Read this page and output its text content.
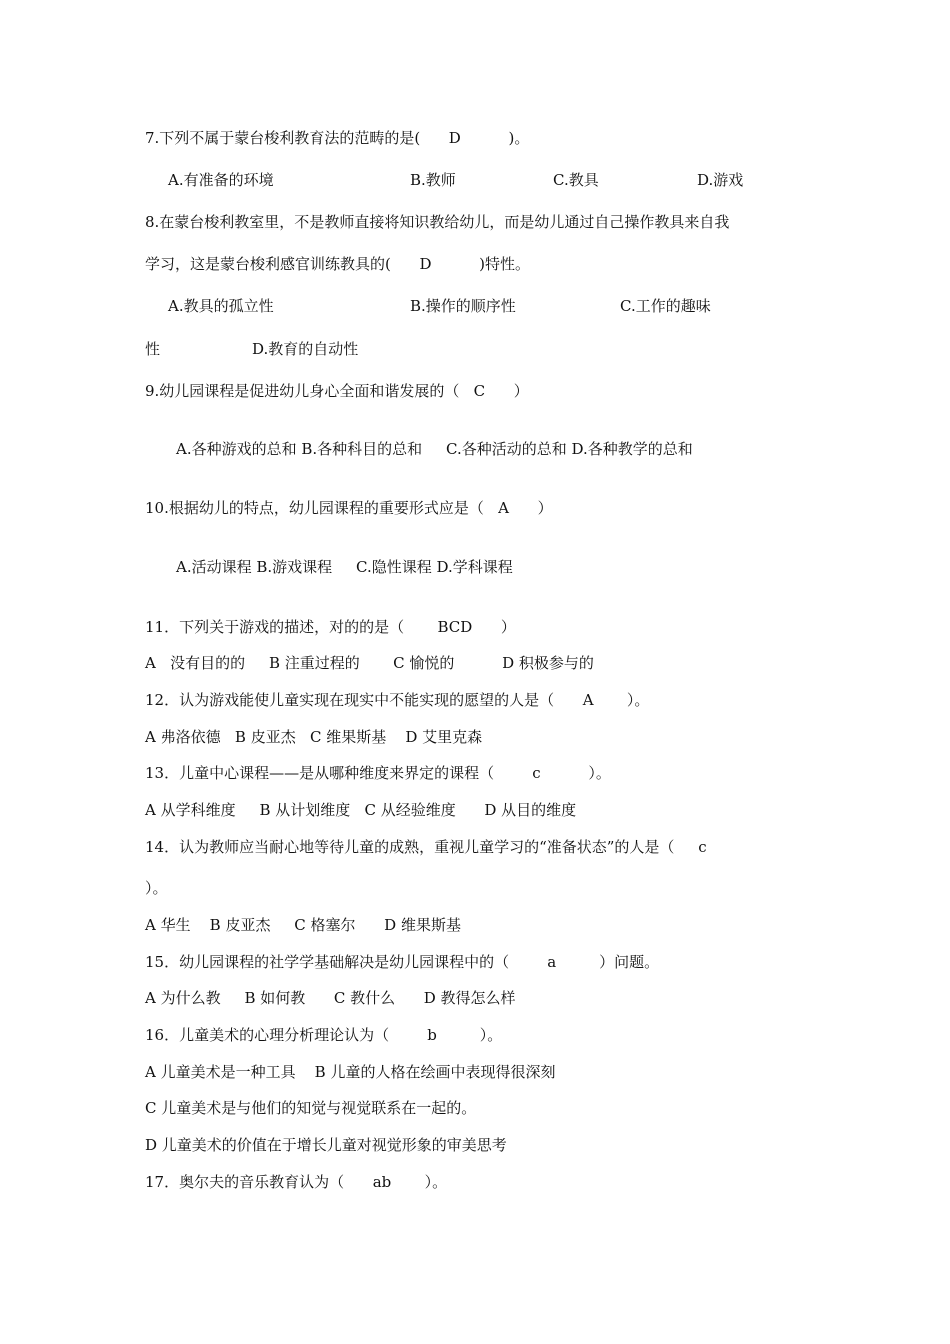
7.下列不属于蒙台梭利教育法的范畴的是(      D          )。
A.有准备的环境	B.教师	C.教具	D.游戏
8.在蒙台梭利教室里，不是教师直接将知识教给幼儿，而是幼儿通过自己操作教具来自我
学习，这是蒙台梭利感官训练教具的(      D          )特性。
A.教具的孤立性	B.操作的顺序性	C.工作的趣味
性	D.教育的自动性
9.幼儿园课程是促进幼儿身心全面和谐发展的（   C      ）
A.各种游戏的总和 B.各种科目的总和     C.各种活动的总和 D.各种教学的总和
10.根据幼儿的特点，幼儿园课程的重要形式应是（   A      ）
A.活动课程 B.游戏课程     C.隐性课程 D.学科课程
11．下列关于游戏的描述，对的的是（       BCD      ）
A   没有目的的     B 注重过程的       C 愉悦的          D 积极参与的
12．认为游戏能使儿童实现在现实中不能实现的愿望的人是（      A       ）。
A 弗洛依德   B 皮亚杰   C 维果斯基    D 艾里克森
13．儿童中心课程——是从哪种维度来界定的课程（        c          ）。
A 从学科维度     B 从计划维度   C 从经验维度      D 从目的维度
14．认为教师应当耐心地等待儿童的成熟，重视儿童学习的“准备状态”的人是（     c
）。
A 华生    B 皮亚杰     C 格塞尔      D 维果斯基
15．幼儿园课程的社学学基础解决是幼儿园课程中的（        a         ）问题。
A 为什么教     B 如何教      C 教什么      D 教得怎么样
16．儿童美术的心理分析理论认为（        b         ）。
A 儿童美术是一种工具    B 儿童的人格在绘画中表现得很深刻
C 儿童美术是与他们的知觉与视觉联系在一起的。
D 儿童美术的价值在于增长儿童对视觉形象的审美思考
17．奥尔夫的音乐教育认为（      ab       ）。
